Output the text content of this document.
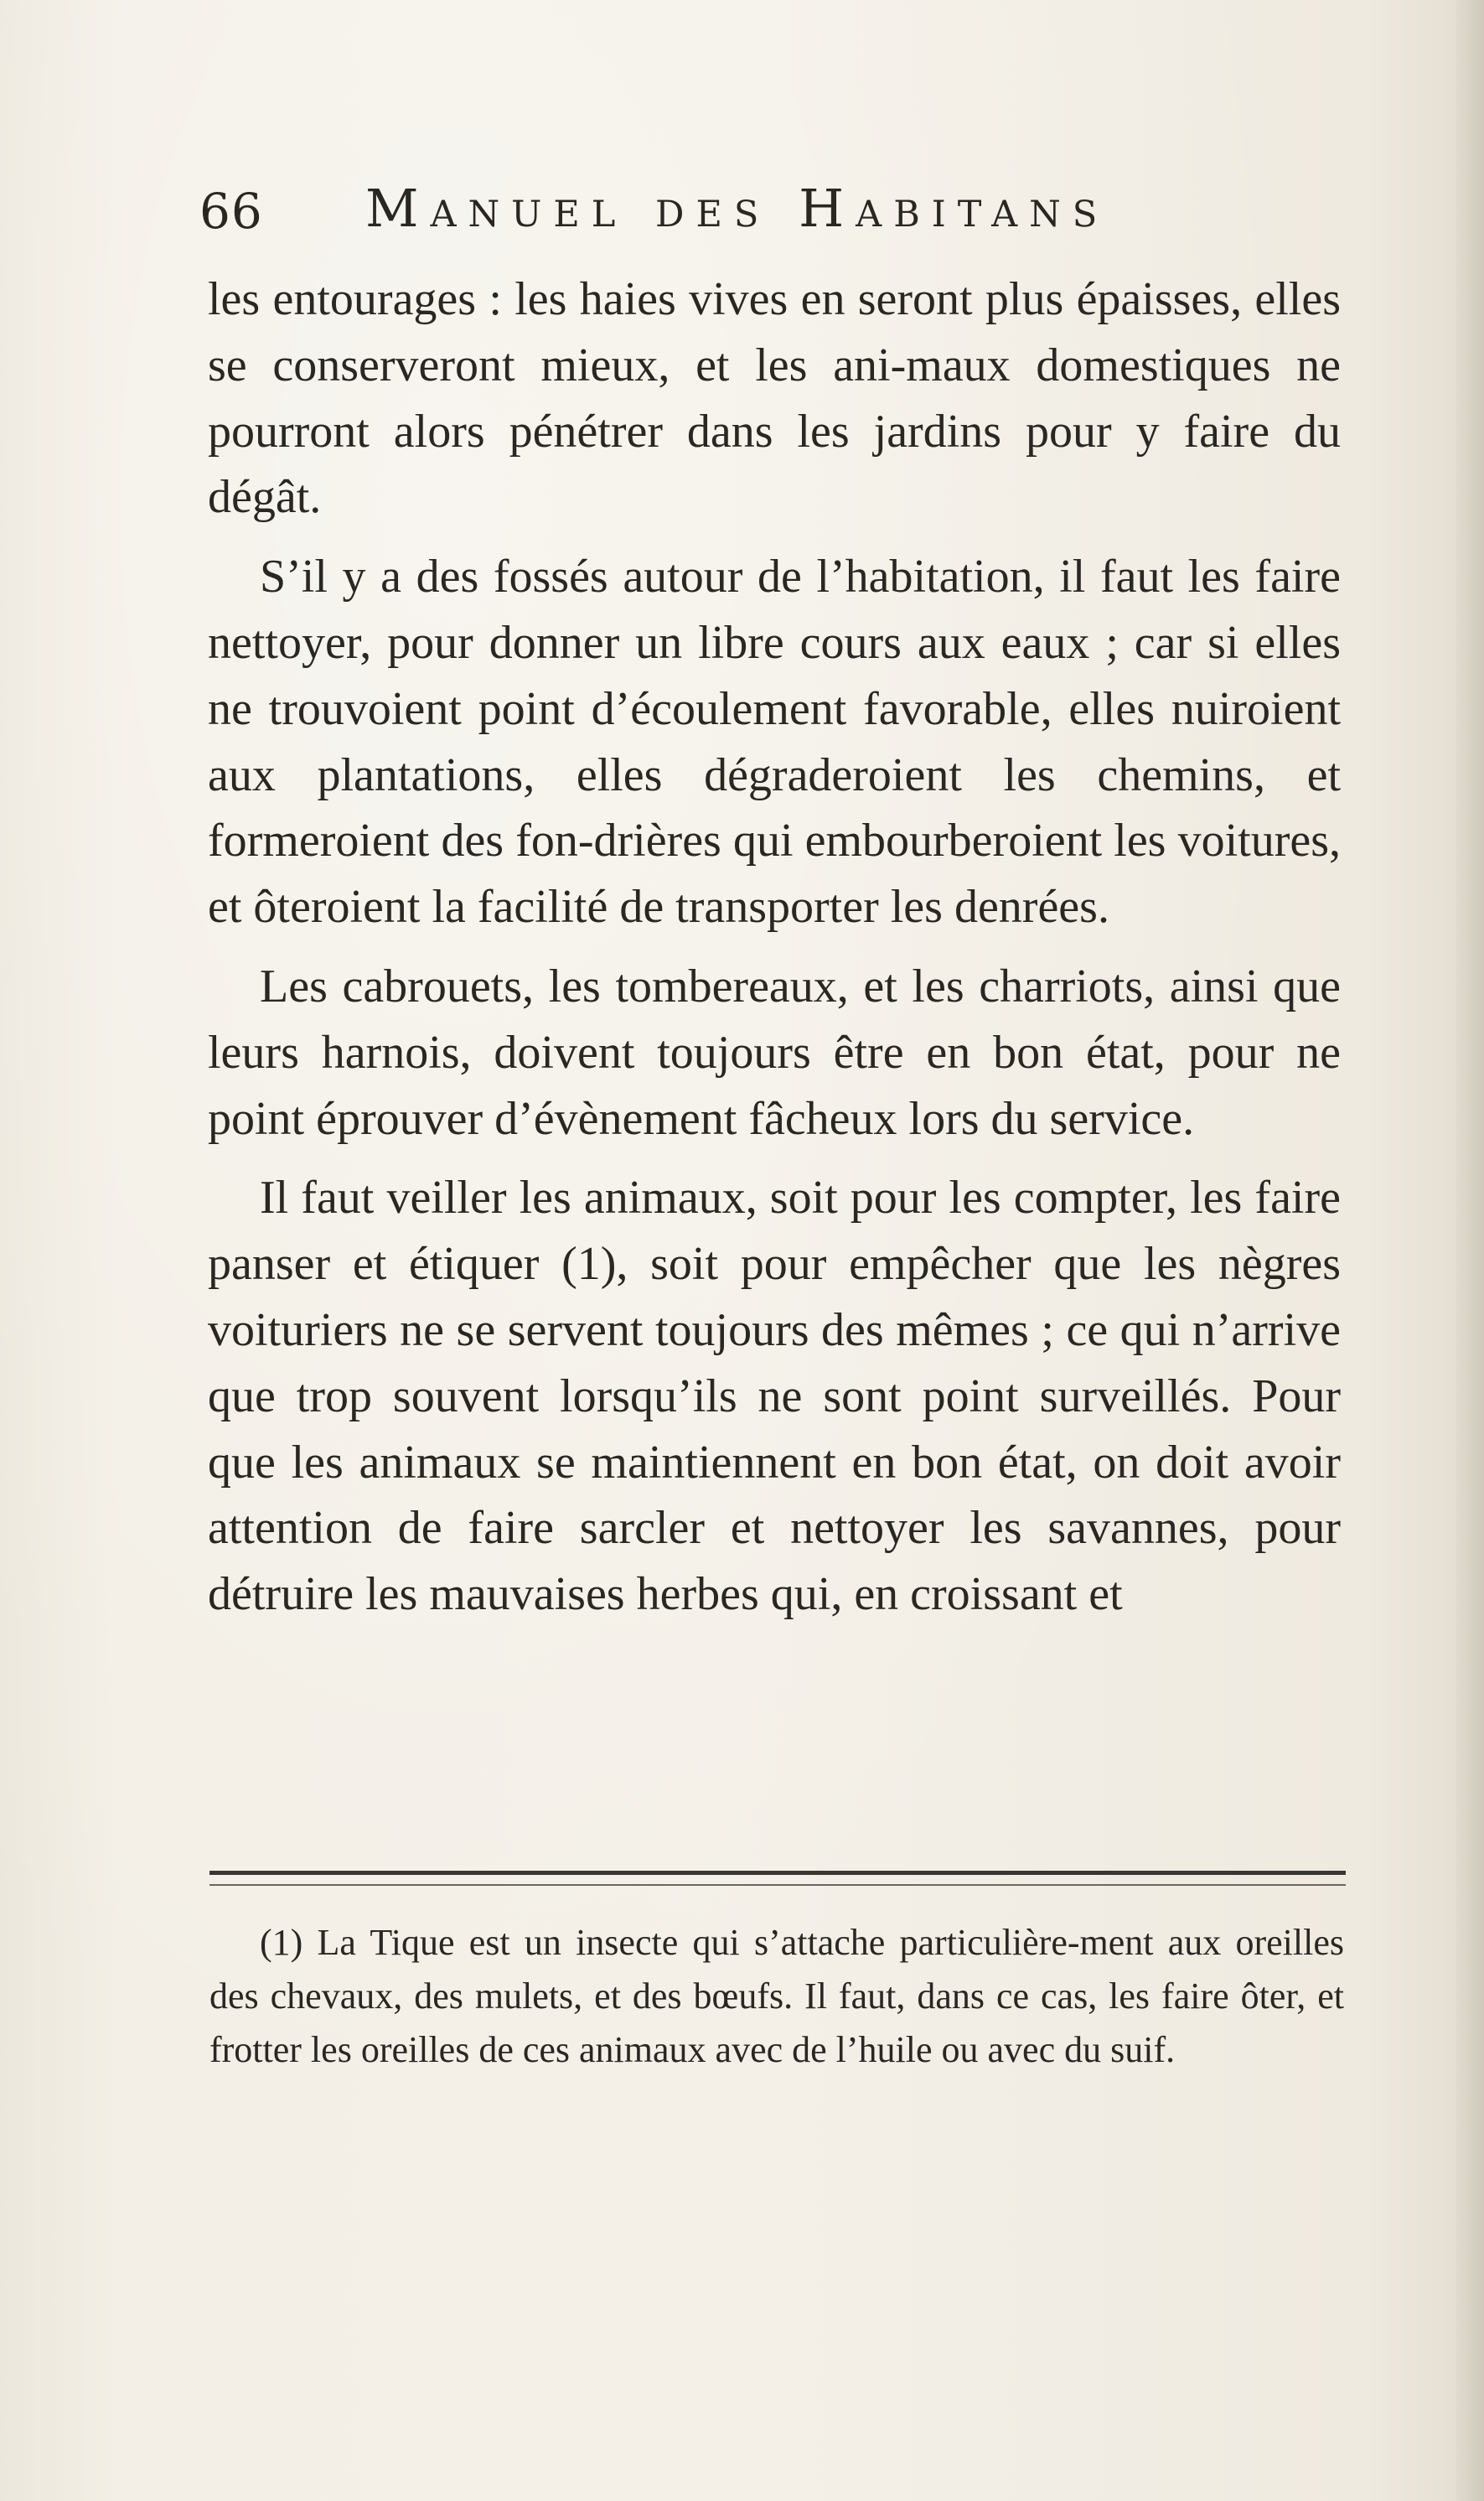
66 Manuel des Habitans

les entourages : les haies vives en seront plus épaisses, elles se conserveront mieux, et les ani-maux domestiques ne pourront alors pénétrer dans les jardins pour y faire du dégât.

S’il y a des fossés autour de l’habitation, il faut les faire nettoyer, pour donner un libre cours aux eaux ; car si elles ne trouvoient point d’écoulement favorable, elles nuiroient aux plantations, elles dégraderoient les chemins, et formeroient des fon-drières qui embourberoient les voitures, et ôteroient la facilité de transporter les denrées.

Les cabrouets, les tombereaux, et les charriots, ainsi que leurs harnois, doivent toujours être en bon état, pour ne point éprouver d’évènement fâcheux lors du service.

Il faut veiller les animaux, soit pour les compter, les faire panser et étiquer (1), soit pour empêcher que les nègres voituriers ne se servent toujours des mêmes ; ce qui n’arrive que trop souvent lorsqu’ils ne sont point surveillés. Pour que les animaux se maintiennent en bon état, on doit avoir attention de faire sarcler et nettoyer les savannes, pour détruire les mauvaises herbes qui, en croissant et

(1) La Tique est un insecte qui s’attache particulière-ment aux oreilles des chevaux, des mulets, et des bœufs. Il faut, dans ce cas, les faire ôter, et frotter les oreilles de ces animaux avec de l’huile ou avec du suif.
